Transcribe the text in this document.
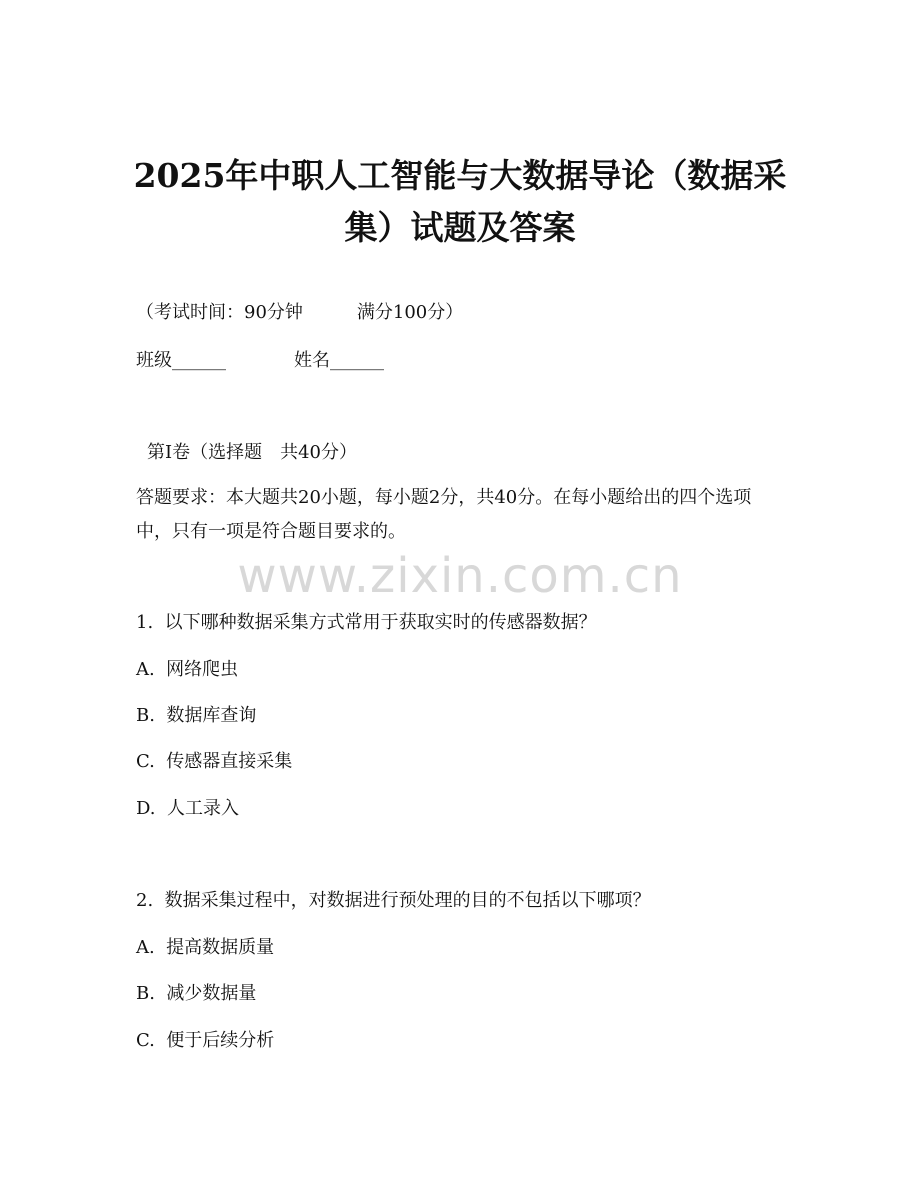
2025年中职人工智能与大数据导论（数据采集）试题及答案
（考试时间：90分钟　　　满分100分）
班级______	姓名______
第Ⅰ卷（选择题　共40分）
答题要求：本大题共20小题，每小题2分，共40分。在每小题给出的四个选项中，只有一项是符合题目要求的。
www.zixin.com.cn
1.  以下哪种数据采集方式常用于获取实时的传感器数据？
A.  网络爬虫
B.  数据库查询
C.  传感器直接采集
D.  人工录入
2.  数据采集过程中，对数据进行预处理的目的不包括以下哪项？
A.  提高数据质量
B.  减少数据量
C.  便于后续分析
